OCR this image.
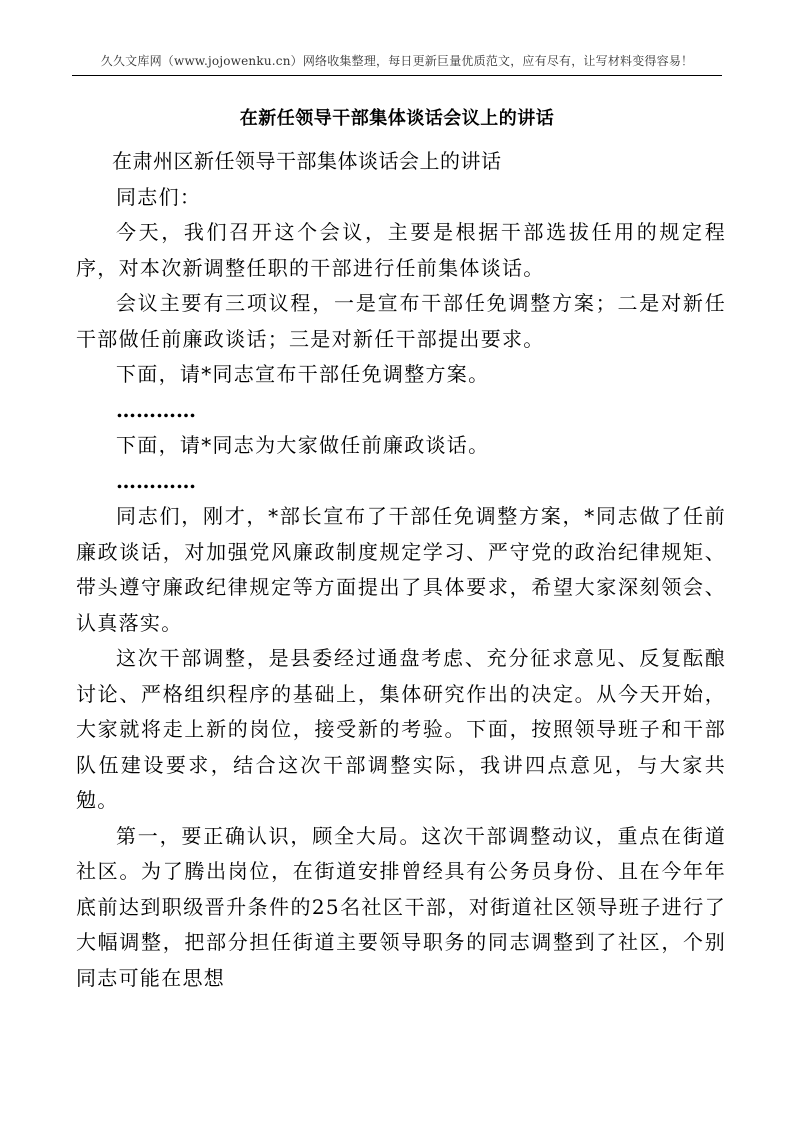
久久文库网（www.jojowenku.cn）网络收集整理，每日更新巨量优质范文，应有尽有，让写材料变得容易！
在新任领导干部集体谈话会议上的讲话

在肃州区新任领导干部集体谈话会上的讲话

同志们：

今天，我们召开这个会议，主要是根据干部选拔任用的规定程序，对本次新调整任职的干部进行任前集体谈话。

会议主要有三项议程，一是宣布干部任免调整方案；二是对新任干部做任前廉政谈话；三是对新任干部提出要求。

下面，请*同志宣布干部任免调整方案。

…………

下面，请*同志为大家做任前廉政谈话。

…………

同志们，刚才，*部长宣布了干部任免调整方案，*同志做了任前廉政谈话，对加强党风廉政制度规定学习、严守党的政治纪律规矩、带头遵守廉政纪律规定等方面提出了具体要求，希望大家深刻领会、认真落实。

这次干部调整，是县委经过通盘考虑、充分征求意见、反复酝酿讨论、严格组织程序的基础上，集体研究作出的决定。从今天开始，大家就将走上新的岗位，接受新的考验。下面，按照领导班子和干部队伍建设要求，结合这次干部调整实际，我讲四点意见，与大家共勉。

第一，要正确认识，顾全大局。这次干部调整动议，重点在街道社区。为了腾出岗位，在街道安排曾经具有公务员身份、且在今年年底前达到职级晋升条件的25名社区干部，对街道社区领导班子进行了大幅调整，把部分担任街道主要领导职务的同志调整到了社区，个别同志可能在思想
